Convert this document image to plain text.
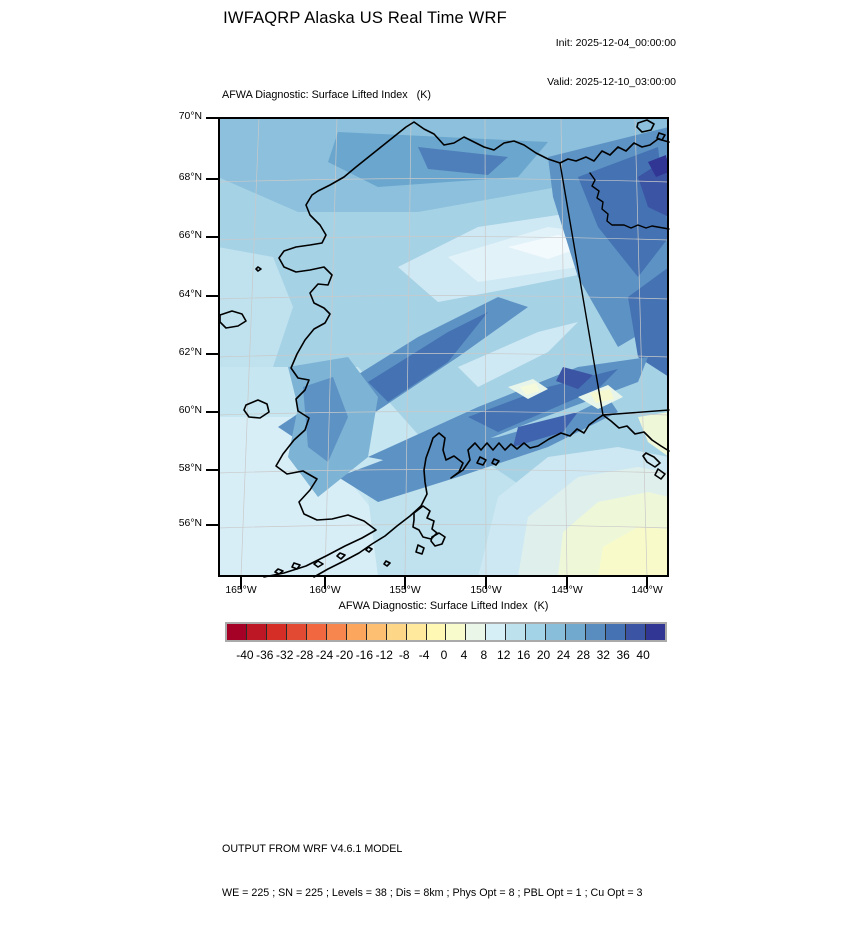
IWFAQRP Alaska US Real Time WRF

Init: 2025-12-04_00:00:00

Valid: 2025-12-10_03:00:00

AFWA Diagnostic: Surface Lifted Index   (K)
AFWA Diagnostic: Surface Lifted Index  (K)

OUTPUT FROM WRF V4.6.1 MODEL

WE = 225 ; SN = 225 ; Levels = 38 ; Dis = 8km ; Phys Opt = 8 ; PBL Opt = 1 ; Cu Opt = 3

70°N
68°N
66°N
64°N
62°N
60°N
58°N
56°N
165°W	160°W	155°W	150°W	145°W	140°W
-40 -36 -32 -28 -24 -20 -16 -12 -8 -4 0	4	8 12 16 20 24 28 32 36 40
